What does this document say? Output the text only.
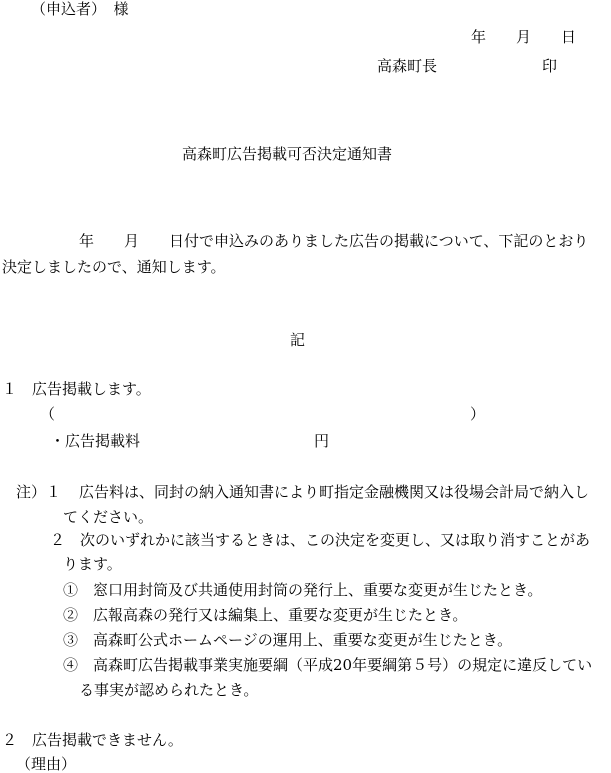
（申込者）　様
年　　月　　日
高森町長　　　　　　　印
高森町広告掲載可否決定通知書
年　　月　　日付で申込みのありました広告の掲載について、下記のとおり
決定しましたので、通知します。
記
１　広告掲載します。
（	）
・広告掲載料	円
注）１ 広告料は、同封の納入通知書により町指定金融機関又は役場会計局で納入し
てください。
２　次のいずれかに該当するときは、この決定を変更し、又は取り消すことがあ
ります。
①　窓口用封筒及び共通使用封筒の発行上、重要な変更が生じたとき。
②　広報高森の発行又は編集上、重要な変更が生じたとき。
③　高森町公式ホームページの運用上、重要な変更が生じたとき。
④　高森町広告掲載事業実施要綱（平成20年要綱第５号）の規定に違反してい
る事実が認められたとき。
２　広告掲載できません。
（理由）
